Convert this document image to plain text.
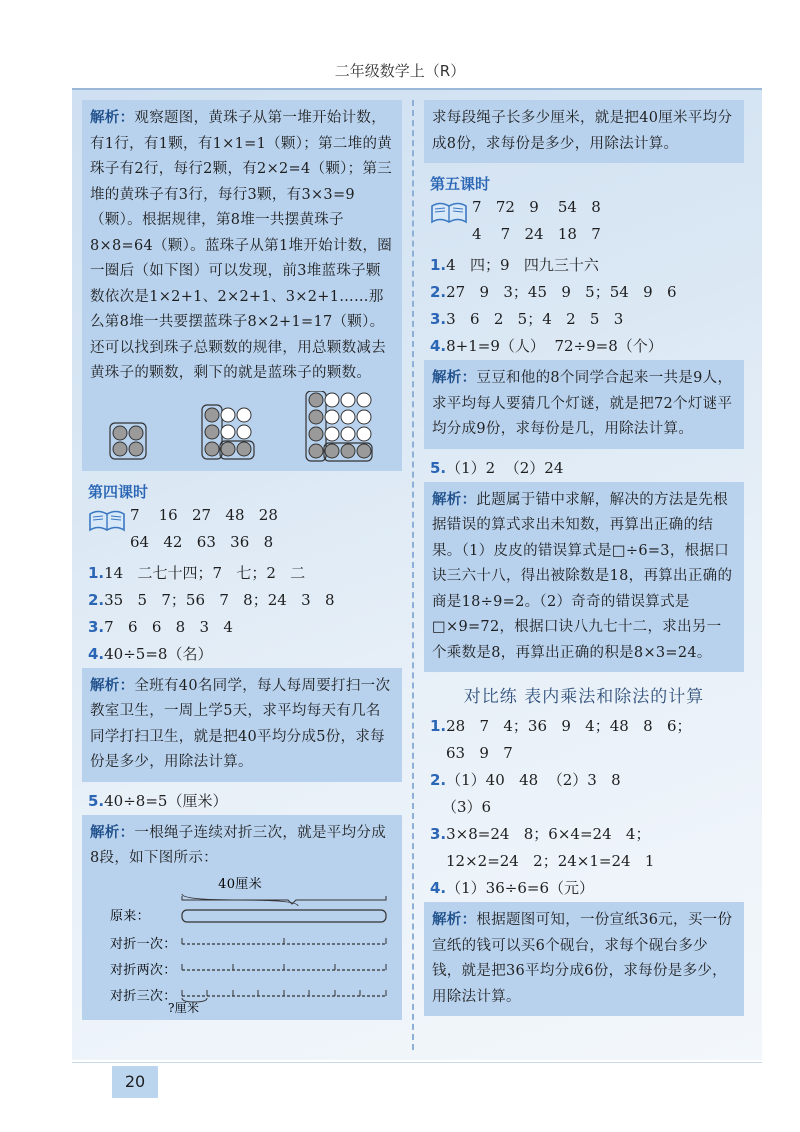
二年级数学上（R）
解析：观察题图，黄珠子从第一堆开始计数，有1行，有1颗，有1×1=1（颗）；第二堆的黄珠子有2行，每行2颗，有2×2=4（颗）；第三堆的黄珠子有3行，每行3颗，有3×3=9（颗）。根据规律，第8堆一共摆黄珠子8×8=64（颗）。蓝珠子从第1堆开始计数，圈一圈后（如下图）可以发现，前3堆蓝珠子颗数依次是1×2+1、2×2+1、3×2+1……那么第8堆一共要摆蓝珠子8×2+1=17（颗）。还可以找到珠子总颗数的规律，用总颗数减去黄珠子的颗数，剩下的就是蓝珠子的颗数。
第四课时
7    16   27   48   28
64   42   63   36   8
1.14   二七十四；7   七；2   二
2.35   5   7；56   7   8；24   3   8
3.7   6   6   8   3   4
4.40÷5=8（名）
解析：全班有40名同学，每人每周要打扫一次教室卫生，一周上学5天，求平均每天有几名同学打扫卫生，就是把40平均分成5份，求每份是多少，用除法计算。
5.40÷8=5（厘米）
解析：一根绳子连续对折三次，就是平均分成8段，如下图所示：
40厘米
原来：
对折一次：
对折两次：
对折三次：
?厘米
求每段绳子长多少厘米，就是把40厘米平均分成8份，求每份是多少，用除法计算。
第五课时
7   72   9    54   8
4    7   24   18   7
1.4   四；9   四九三十六
2.27   9   3；45   9   5；54   9   6
3.3   6   2   5；4   2   5   3
4.8+1=9（人）  72÷9=8（个）
解析：豆豆和他的8个同学合起来一共是9人，求平均每人要猜几个灯谜，就是把72个灯谜平均分成9份，求每份是几，用除法计算。
5.（1）2  （2）24
解析：此题属于错中求解，解决的方法是先根据错误的算式求出未知数，再算出正确的结果。（1）皮皮的错误算式是□÷6=3，根据口诀三六十八，得出被除数是18，再算出正确的商是18÷9=2。（2）奇奇的错误算式是□×9=72，根据口诀八九七十二，求出另一个乘数是8，再算出正确的积是8×3=24。
对比练 表内乘法和除法的计算
1.28   7   4；36   9   4；48   8   6；
63   9   7
2.（1）40   48  （2）3   8
（3）6
3.3×8=24   8；6×4=24   4；
12×2=24   2；24×1=24   1
4.（1）36÷6=6（元）
解析：根据题图可知，一份宣纸36元，买一份宣纸的钱可以买6个砚台，求每个砚台多少钱，就是把36平均分成6份，求每份是多少，用除法计算。
20
